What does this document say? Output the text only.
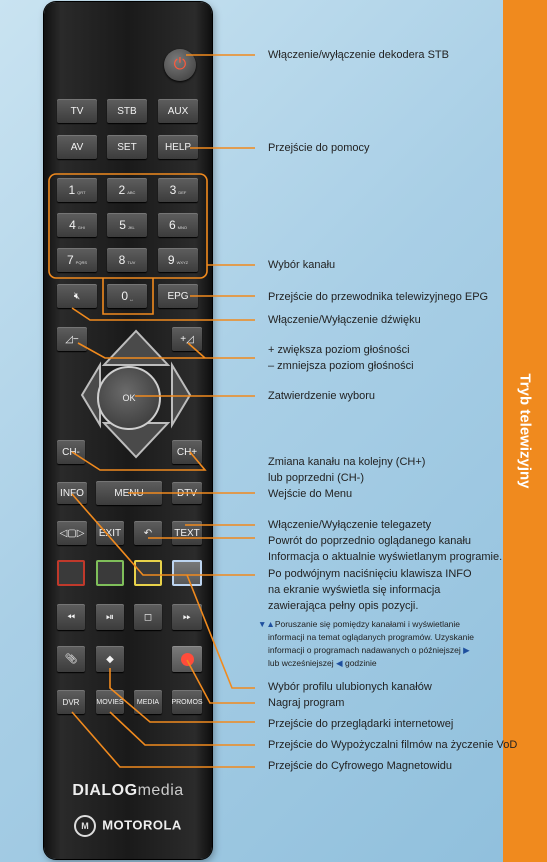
Tryb telewizyjny
⏻
TV	STB	AUX
AV	SET	HELP
1 QRT	2 ABC	3 DEF
4 GHI	5 JKL	6 MNO
7 PQRS	8 TUV	9 WXYZ
🔇︎	0 ␣	EPG
◿−	+◿
OK
CH-	CH+
INFO	MENU	DTV
◁▢▷ EXIT ↶ TEXT
⏪︎	⏯︎	◻	⏩︎
📎︎	◆
DVR	MOVIES	MEDIA	PROMOS
DIALOGmedia
M MOTOROLA
Włączenie/wyłączenie dekodera STB
Przejście do pomocy
Wybór kanału
Przejście do przewodnika telewizyjnego EPG
Włączenie/Wyłączenie dźwięku
+ zwiększa poziom głośności
– zmniejsza poziom głośności
Zatwierdzenie wyboru
Zmiana kanału na kolejny (CH+)
lub poprzedni (CH-)
Wejście do Menu
Włączenie/Wyłączenie telegazety
Powrót do poprzednio oglądanego kanału
Informacja o aktualnie wyświetlanym programie.
Po podwójnym naciśnięciu klawisza INFO
na ekranie wyświetla się informacja
zawierająca pełny opis pozycji.
▼▲Poruszanie się pomiędzy kanałami i wyświetlanie
informacji na temat oglądanych programów. Uzyskanie
informacji o programach nadawanych o późniejszej ▶
lub wcześniejszej ◀ godzinie
Wybór profilu ulubionych kanałów
Nagraj program
Przejście do przeglądarki internetowej
Przejście do Wypożyczalni filmów na życzenie VoD
Przejście do Cyfrowego Magnetowidu
